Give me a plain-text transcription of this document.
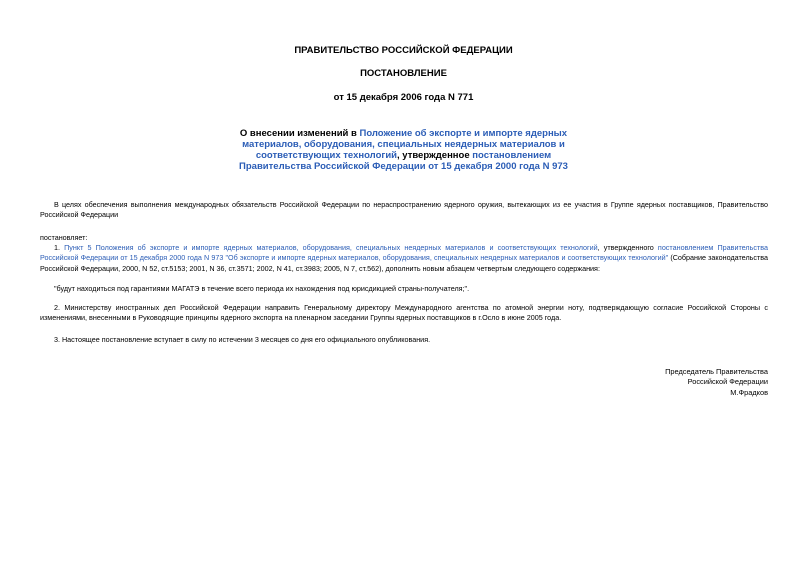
ПРАВИТЕЛЬСТВО РОССИЙСКОЙ ФЕДЕРАЦИИ
ПОСТАНОВЛЕНИЕ
от 15 декабря 2006 года N 771
О внесении изменений в Положение об экспорте и импорте ядерных материалов, оборудования, специальных неядерных материалов и соответствующих технологий, утвержденное постановлением Правительства Российской Федерации от 15 декабря 2000 года N 973
В целях обеспечения выполнения международных обязательств Российской Федерации по нераспространению ядерного оружия, вытекающих из ее участия в Группе ядерных поставщиков, Правительство Российской Федерации
постановляет:
1. Пункт 5 Положения об экспорте и импорте ядерных материалов, оборудования, специальных неядерных материалов и соответствующих технологий, утвержденного постановлением Правительства Российской Федерации от 15 декабря 2000 года N 973 "Об экспорте и импорте ядерных материалов, оборудования, специальных неядерных материалов и соответствующих технологий" (Собрание законодательства Российской Федерации, 2000, N 52, ст.5153; 2001, N 36, ст.3571; 2002, N 41, ст.3983; 2005, N 7, ст.562), дополнить новым абзацем четвертым следующего содержания:
"будут находиться под гарантиями МАГАТЭ в течение всего периода их нахождения под юрисдикцией страны-получателя;".
2. Министерству иностранных дел Российской Федерации направить Генеральному директору Международного агентства по атомной энергии ноту, подтверждающую согласие Российской Стороны с изменениями, внесенными в Руководящие принципы ядерного экспорта на пленарном заседании Группы ядерных поставщиков в г.Осло в июне 2005 года.
3. Настоящее постановление вступает в силу по истечении 3 месяцев со дня его официального опубликования.
Председатель Правительства
Российской Федерации
М.Фрадков
